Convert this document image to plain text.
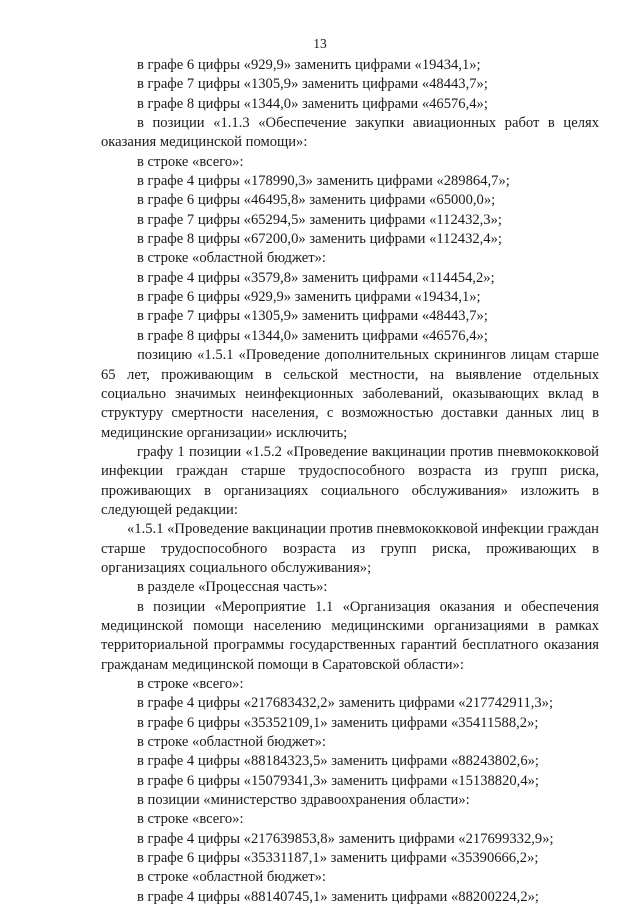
13

в графе 6 цифры «929,9» заменить цифрами «19434,1»;

в графе 7 цифры «1305,9» заменить цифрами «48443,7»;

в графе 8 цифры «1344,0» заменить цифрами «46576,4»;

в позиции «1.1.3 «Обеспечение закупки авиационных работ в целях оказания медицинской помощи»:

в строке «всего»:

в графе 4 цифры «178990,3» заменить цифрами «289864,7»;

в графе 6 цифры «46495,8» заменить цифрами «65000,0»;

в графе 7 цифры «65294,5» заменить цифрами «112432,3»;

в графе 8 цифры «67200,0» заменить цифрами «112432,4»;

в строке «областной бюджет»:

в графе 4 цифры «3579,8» заменить цифрами «114454,2»;

в графе 6 цифры «929,9» заменить цифрами «19434,1»;

в графе 7 цифры «1305,9» заменить цифрами «48443,7»;

в графе 8 цифры «1344,0» заменить цифрами «46576,4»;

позицию «1.5.1 «Проведение дополнительных скринингов лицам старше 65 лет, проживающим в сельской местности, на выявление отдельных социально значимых неинфекционных заболеваний, оказывающих вклад в структуру смертности населения, с возможностью доставки данных лиц в медицинские организации» исключить;

графу 1 позиции «1.5.2 «Проведение вакцинации против пневмококковой инфекции граждан старше трудоспособного возраста из групп риска, проживающих в организациях социального обслуживания» изложить в следующей редакции:

«1.5.1 «Проведение вакцинации против пневмококковой инфекции граждан старше трудоспособного возраста из групп риска, проживающих в организациях социального обслуживания»;

в разделе «Процессная часть»:

в позиции «Мероприятие 1.1 «Организация оказания и обеспечения медицинской помощи населению медицинскими организациями в рамках территориальной программы государственных гарантий бесплатного оказания гражданам медицинской помощи в Саратовской области»:

в строке «всего»:

в графе 4 цифры «217683432,2» заменить цифрами «217742911,3»;

в графе 6 цифры «35352109,1» заменить цифрами «35411588,2»;

в строке «областной бюджет»:

в графе 4 цифры «88184323,5» заменить цифрами «88243802,6»;

в графе 6 цифры «15079341,3» заменить цифрами «15138820,4»;

в позиции «министерство здравоохранения области»:

в строке «всего»:

в графе 4 цифры «217639853,8» заменить цифрами «217699332,9»;

в графе 6 цифры «35331187,1» заменить цифрами «35390666,2»;

в строке «областной бюджет»:

в графе 4 цифры «88140745,1» заменить цифрами «88200224,2»;
